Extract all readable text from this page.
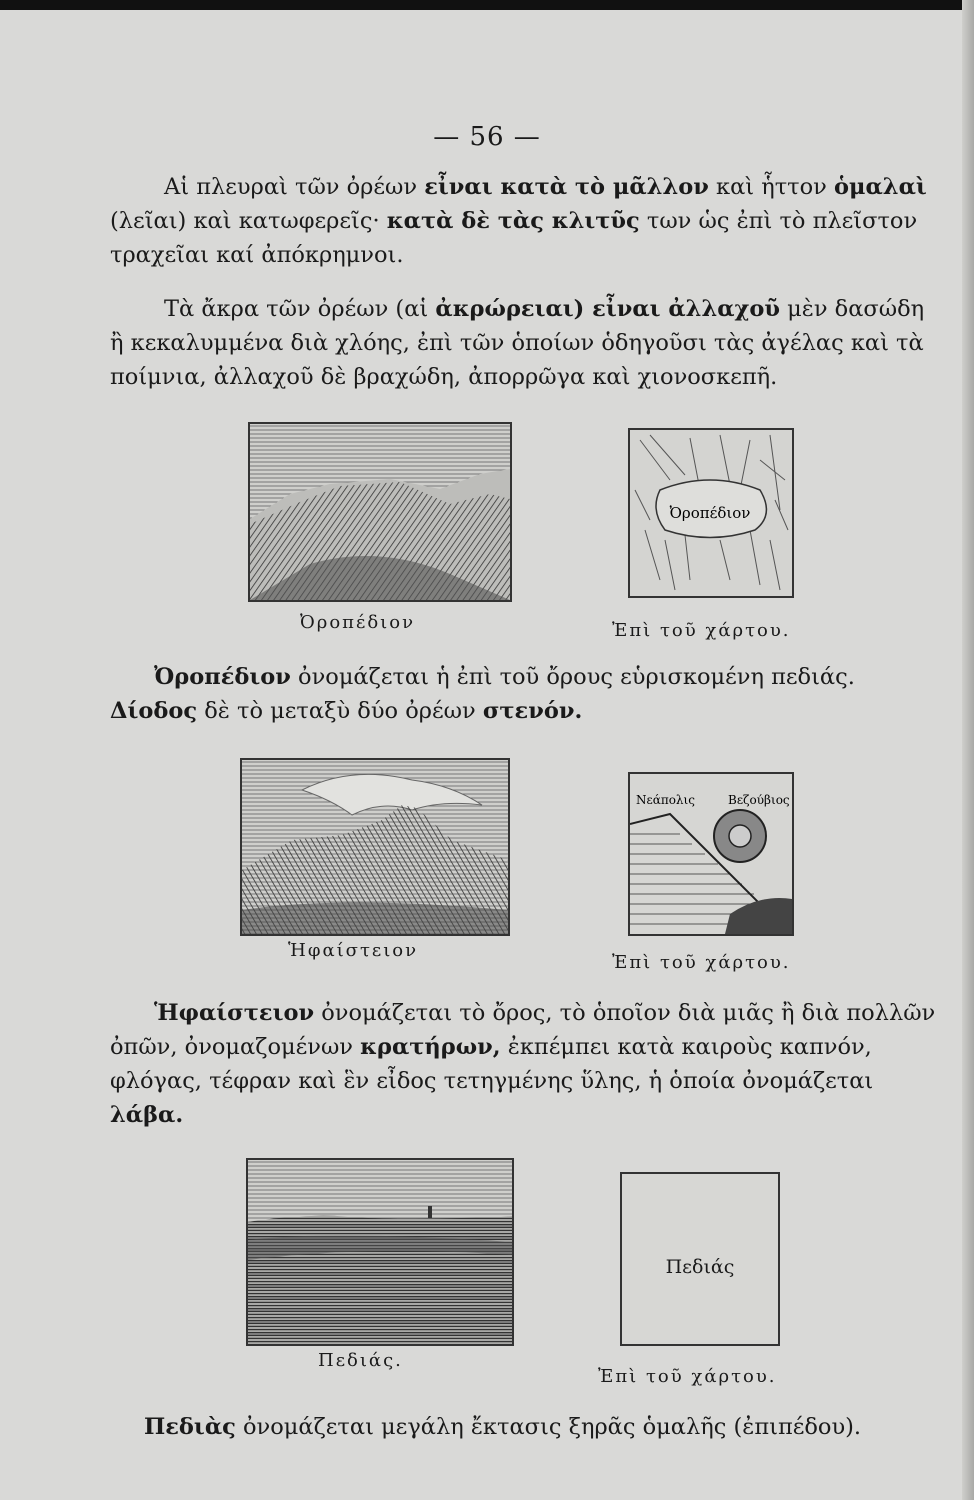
— 56 —

Αἱ πλευραὶ τῶν ὀρέων εἶναι κατὰ τὸ μᾶλλον καὶ ἧττον ὁμαλαὶ (λεῖαι) καὶ κατωφερεῖς· κατὰ δὲ τὰς κλιτῦς των ὡς ἐπὶ τὸ πλεῖστον τραχεῖαι καί ἀπόκρημνοι.

Τὰ ἄκρα τῶν ὀρέων (αἱ ἀκρώρειαι) εἶναι ἀλλαχοῦ μὲν δασώδη ἢ κεκαλυμμένα διὰ χλόης, ἐπὶ τῶν ὁποίων ὁδηγοῦσι τὰς ἀγέλας καὶ τὰ ποίμνια, ἀλλαχοῦ δὲ βραχώδη, ἀπορρῶγα καὶ χιονοσκεπῆ.

Ὀροπέδιον
Ὀροπέδιον
Ἐπὶ τοῦ χάρτου.

Ὀροπέδιον ὀνομάζεται ἡ ἐπὶ τοῦ ὄρους εὑρισκομένη πεδιάς.
Δίοδος δὲ τὸ μεταξὺ δύο ὀρέων στενόν.

Ἡφαίστειον
Νεάπολις	Βεζούβιος
Ἐπὶ τοῦ χάρτου.

Ἡφαίστειον ὀνομάζεται τὸ ὄρος, τὸ ὁποῖον διὰ μιᾶς ἢ διὰ πολλῶν ὀπῶν, ὀνομαζομένων κρατήρων, ἐκπέμπει κατὰ καιροὺς καπνόν, φλόγας, τέφραν καὶ ἓν εἶδος τετηγμένης ὕλης, ἡ ὁποία ὀνομάζεται λάβα.

Πεδιάς.
Πεδιάς
Ἐπὶ τοῦ χάρτου.

Πεδιὰς ὀνομάζεται μεγάλη ἔκτασις ξηρᾶς ὁμαλῆς (ἐπιπέδου).
